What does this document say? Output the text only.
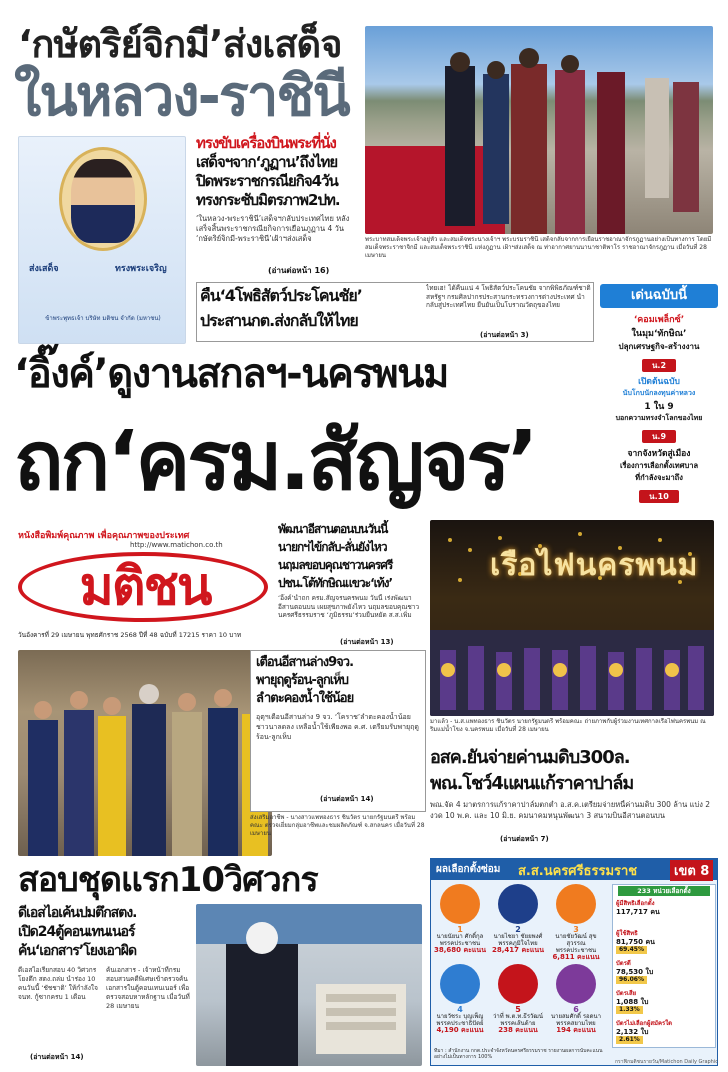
‘กษัตริย์จิกมี’ส่งเสด็จ
ในหลวง-ราชินี
พระบาทสมเด็จพระเจ้าอยู่หัว และสมเด็จพระนางเจ้าฯ พระบรมราชินี เสด็จกลับจากการเยือนราชอาณาจักรภูฏานอย่างเป็นทางการ โดยมีสมเด็จพระราชาจิกมี และสมเด็จพระราชินี แห่งภูฏาน เฝ้าฯส่งเสด็จ ณ ท่าอากาศยานนานาชาติพาโร ราชอาณาจักรภูฏาน เมื่อวันที่ 28 เมษายน
ส่งเสด็จ	ทรงพระเจริญ
ข้าพระพุทธเจ้า บริษัท มติชน จำกัด (มหาชน)
ทรงขับเครื่องบินพระที่นั่ง
เสด็จฯจาก‘ภูฏาน’ถึงไทย
ปิดพระราชกรณียกิจ4วัน
ทรงกระชับมิตรภาพ2ปท.
‘ในหลวง-พระราชินี’เสด็จฯกลับประเทศไทย หลังเสร็จสิ้นพระราชกรณียกิจการเยือนภูฏาน 4 วัน ‘กษัตริย์จิกมี-พระราชินี’เฝ้าฯส่งเสด็จ
(อ่านต่อหน้า 16)
คืน‘4โพธิสัตว์ประโคนชัย’
ประสานกต.ส่งกลับให้ไทย
ไทยเฮ! ได้คืนแน่ 4 โพธิสัตว์ประโคนชัย จากพิพิธภัณฑ์ชาติสหรัฐฯ กรมศิลปากรประสานกระทรวงการต่างประเทศ นำกลับสู่ประเทศไทย ยืนยันเป็นโบราณวัตถุของไทย
(อ่านต่อหน้า 3)
เด่นฉบับนี้
‘คอมเพล็กซ์’
ในมุม‘ทักษิณ’
ปลุกเศรษฐกิจ-สร้างงาน
น.2
เปิดต้นฉบับ
นับโกบนักลงทุนค่าหลวง
1 ใน 9
บอกความทรงจำโลกของไทย
น.9
จากจังหวัดสู่เมือง
เรื่องการเลือกตั้งเทศบาล
ที่กำลังจะมาถึง
น.10
‘อิ๊งค์’ดูงานสกลฯ-นครพนม
ถก‘ครม.สัญจร’
หนังสือพิมพ์คุณภาพ เพื่อคุณภาพของประเทศ
http://www.matichon.co.th
มติชน
วันอังคารที่ 29 เมษายน พุทธศักราช 2568 ปีที่ 48 ฉบับที่ 17215 ราคา 10 บาท
พัฒนาอีสานตอนบนวันนี้
นายกฯไข้กลับ-ลั่นยังไหว
นฤมลขอบคุณชาวนครศรี
ปชน.โต้ทักษิณแขวะ‘เท้ง’
‘อิ๊งค์’นำถก ครม.สัญจรนครพนม วันนี้ เร่งพัฒนาอีสานตอนบน เผยสุขภาพยังไหว นฤมลขอบคุณชาวนครศรีธรรมราช ‘ภูมิธรรม’ร่วมยืนหยัด ส.ส.เพิ่ม
(อ่านต่อหน้า 13)
เรือไฟนครพนม
มาแล้ว - น.ส.แพทองธาร ชินวัตร นายกรัฐมนตรี พร้อมคณะ ถ่ายภาพกับผู้ร่วมงานเทศกาลเรือไฟนครพนม ณ ริมแม่น้ำโขง จ.นครพนม เมื่อวันที่ 28 เมษายน
เตือนอีสานล่าง9จว.
พายุฤดูร้อน-ลูกเห็บ
ลำตะคองน้ำใช้น้อย
อุตุฯเตือนอีสานล่าง 9 จว. ‘โคราช’ลำตะคองน้ำน้อย ชาวนาลดลง เหลือน้ำใช้เพียงพอ ค.ศ. เตรียมรับพายุฤดูร้อน-ลูกเห็บ
(อ่านต่อหน้า 14)
ส่งเสริมอาชีพ - นางสาวแพทองธาร ชินวัตร นายกรัฐมนตรี พร้อมคณะ ตรวจเยี่ยมกลุ่มอาชีพและชมผลิตภัณฑ์ จ.สกลนคร เมื่อวันที่ 28 เมษายน
อสค.ยันจ่ายค่านมดิบ300ล.
พณ.โชว์4แผนแก้ราคาปาล์ม
พณ.จัด 4 มาตรการแก้ราคาปาล์มตกต่ำ อ.ส.ค.เตรียมจ่ายหนี้ค่านมดิบ 300 ล้าน แบ่ง 2 งวด 10 พ.ค. และ 10 มิ.ย. คมนาคมหนุนพัฒนา 3 สนามบินอีสานตอนบน
(อ่านต่อหน้า 7)
สอบชุดแรก10วิศวกร
ดีเอสไอเค้นปมตึกสตง.
เปิด24ตู้คอนเทนเนอร์
ค้น‘เอกสาร’โยงเอาผิด
ดีเอสไอเรียกสอบ 40 วิศวกรโยงตึก สตง.ถล่ม นำร่อง 10 คนวันนี้ ‘ชัชชาติ’ ให้กำลังใจ จนท. กู้ซากครบ 1 เดือน
ค้นเอกสาร - เจ้าหน้าที่กรมสอบสวนคดีพิเศษเข้าตรวจค้นเอกสารในตู้คอนเทนเนอร์ เพื่อตรวจสอบหาหลักฐาน เมื่อวันที่ 28 เมษายน
(อ่านต่อหน้า 14)
ผลเลือกตั้งซ่อม ส.ส.นครศรีธรรมราช	เขต 8
1
นายนัยนา ศักดิ์กุล
พรรคประชาชน
38,680 คะแนน
2
นายไชยา ชัยยพงศ์
พรรคภูมิใจไทย
28,417 คะแนน
3
นายชัยวัฒน์ สุขสุวรรณ
พรรคประชาชน
6,811 คะแนน
4
นายวัชระ บุญเพ็ญ
พรรคประชาธิปัตย์
4,190 คะแนน
5
ว่าที่ พ.ต.ท.ธีรวัฒน์
พรรคเส้นด้าย
238 คะแนน
6
นายสมศักดิ์ รอดนา
พรรคสยามไทย
194 คะแนน
233 หน่วยเลือกตั้ง
ผู้มีสิทธิเลือกตั้ง
117,717 คน
ผู้ใช้สิทธิ
81,750 คน
69.45%
บัตรดี
78,530 ใบ
96.06%
บัตรเสีย
1,088 ใบ
1.33%
บัตรไม่เลือกผู้สมัครใด
2,132 ใบ
2.61%
ที่มา : สำนักงาน กกต.ประจำจังหวัดนครศรีธรรมราช รายงานผลการนับคะแนนอย่างไม่เป็นทางการ 100%
กราฟิกมติชนรายวัน/Matichon Daily Graphic
